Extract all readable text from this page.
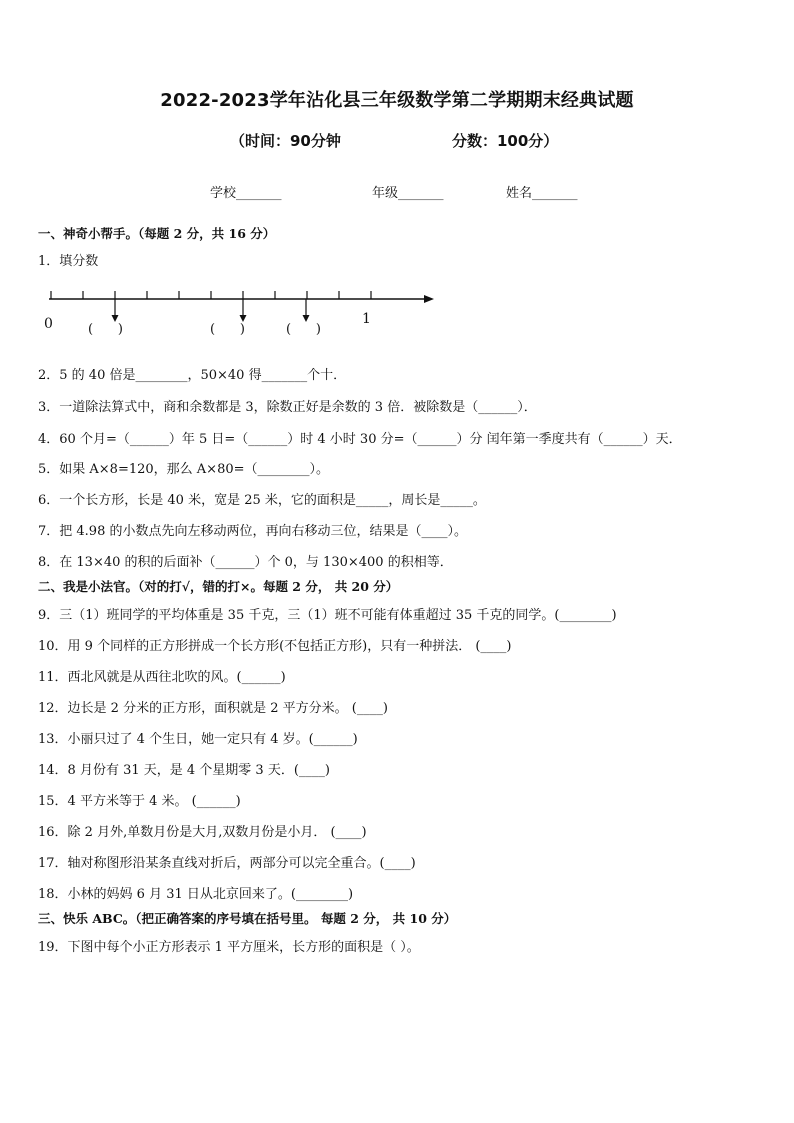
2022-2023学年沾化县三年级数学第二学期期末经典试题
（时间：90分钟	分数：100分）
学校_______	年级_______	姓名_______
一、神奇小帮手。（每题 2 分，共 16 分）
1．填分数
0	1
(      )	(      )	(      )
2．5 的 40 倍是________，50×40 得_______个十．
3．一道除法算式中，商和余数都是 3，除数正好是余数的 3 倍．被除数是（______）．
4．60 个月=（______）年 5 日=（______）时 4 小时 30 分=（______）分 闰年第一季度共有（______）天．
5．如果 A×8=120，那么 A×80=（________）。
6．一个长方形，长是 40 米，宽是 25 米，它的面积是_____，周长是_____。
7．把 4.98 的小数点先向左移动两位，再向右移动三位，结果是（____）。
8．在 13×40 的积的后面补（______）个 0，与 130×400 的积相等．
二、我是小法官。（对的打√，错的打×。每题 2 分， 共 20 分）
9．三（1）班同学的平均体重是 35 千克，三（1）班不可能有体重超过 35 千克的同学。(________)
10．用 9 个同样的正方形拼成一个长方形(不包括正方形)，只有一种拼法． (____)
11．西北风就是从西往北吹的风。(______)
12．边长是 2 分米的正方形，面积就是 2 平方分米。 (____)
13．小丽只过了 4 个生日，她一定只有 4 岁。(______)
14．8 月份有 31 天，是 4 个星期零 3 天．(____)
15．4 平方米等于 4 米。 (______)
16．除 2 月外,单数月份是大月,双数月份是小月． (____)
17．轴对称图形沿某条直线对折后，两部分可以完全重合。(____)
18．小林的妈妈 6 月 31 日从北京回来了。(________)
三、快乐 ABC。（把正确答案的序号填在括号里。 每题 2 分， 共 10 分）
19．下图中每个小正方形表示 1 平方厘米，长方形的面积是（ ）。
